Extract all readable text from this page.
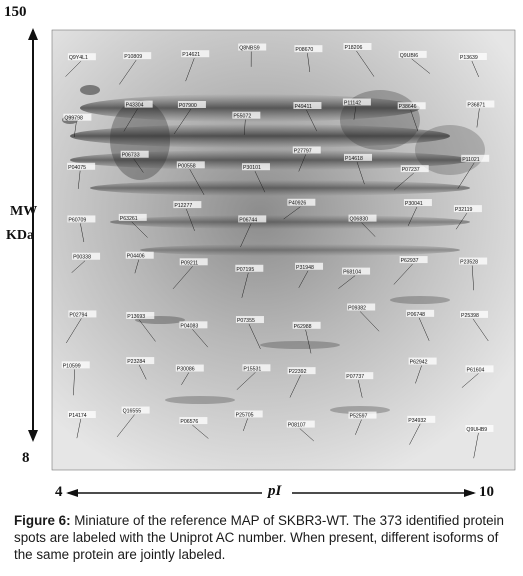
150
MW
KDa
8
4	pI	10
Q9Y4L1	P10809	P14621
Q8NBS9	P08670	P18206
Q9UBI6	P13639
Q99798
P43304	P07900
P55072
P49411
P11142
P38646	P36871
P04075
P06733
P00558	P30101
P27797
P14618
P07237
P11021
P60709	P63261
P12277
P06744
P40926
Q06830
P30041
P32119
P00338	P04406
P09211
P07195	P31948
P68104
P62937	P23528
P02794	P13693
P04083
P07355
P62988
P09382
P06748	P25398
P10599
P23284
P30086	P15531	P22392
P07737
P62942
P61604
P14174
Q16555
P06576
P25705
P08107
P52597
P34932
Q9UHB9
Figure 6: Miniature of the reference MAP of SKBR3-WT. The 373 identified protein spots are labeled with the Uniprot AC number. When present, different isoforms of the same protein are jointly labeled.
